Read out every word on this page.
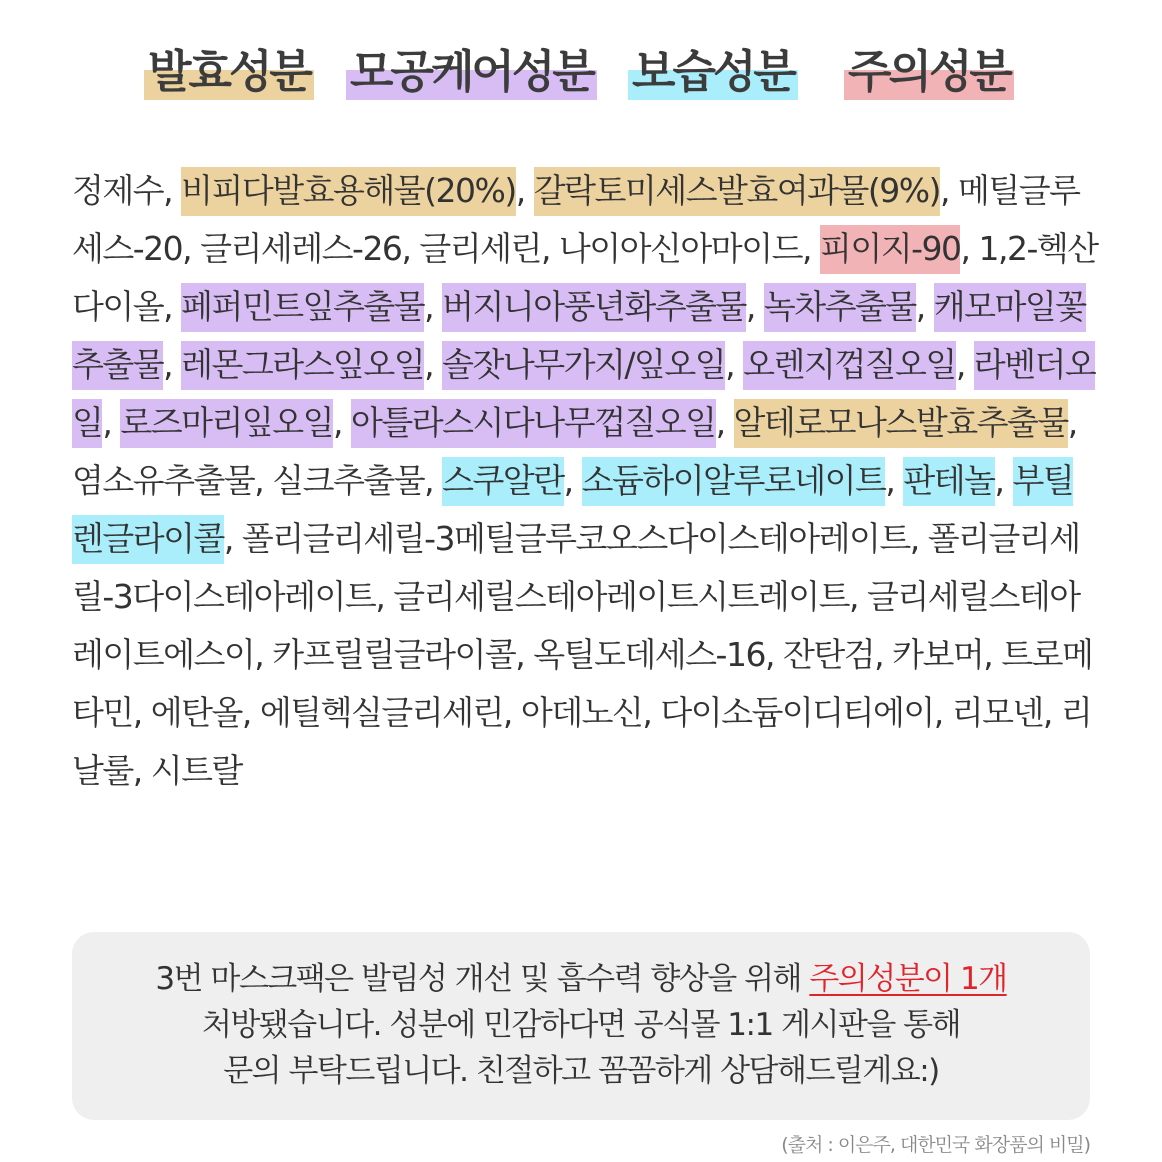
발효성분 모공케어성분 보습성분 주의성분
정제수, 비피다발효용해물(20%), 갈락토미세스발효여과물(9%), 메틸글루세스-20, 글리세레스-26, 글리세린, 나이아신아마이드, 피이지-90, 1,2-헥산다이올, 페퍼민트잎추출물, 버지니아풍년화추출물, 녹차추출물, 캐모마일꽃추출물, 레몬그라스잎오일, 솔잣나무가지/잎오일, 오렌지껍질오일, 라벤더오일, 로즈마리잎오일, 아틀라스시다나무껍질오일, 알테로모나스발효추출물, 염소유추출물, 실크추출물, 스쿠알란, 소듐하이알루로네이트, 판테놀, 부틸렌글라이콜, 폴리글리세릴-3메틸글루코오스다이스테아레이트, 폴리글리세릴-3다이스테아레이트, 글리세릴스테아레이트시트레이트, 글리세릴스테아레이트에스이, 카프릴릴글라이콜, 옥틸도데세스-16, 잔탄검, 카보머, 트로메타민, 에탄올, 에틸헥실글리세린, 아데노신, 다이소듐이디티에이, 리모넨, 리날룰, 시트랄
3번 마스크팩은 발림성 개선 및 흡수력 향상을 위해 주의성분이 1개
처방됐습니다. 성분에 민감하다면 공식몰 1:1 게시판을 통해
문의 부탁드립니다. 친절하고 꼼꼼하게 상담해드릴게요:)
(출처 : 이은주, 대한민국 화장품의 비밀)
